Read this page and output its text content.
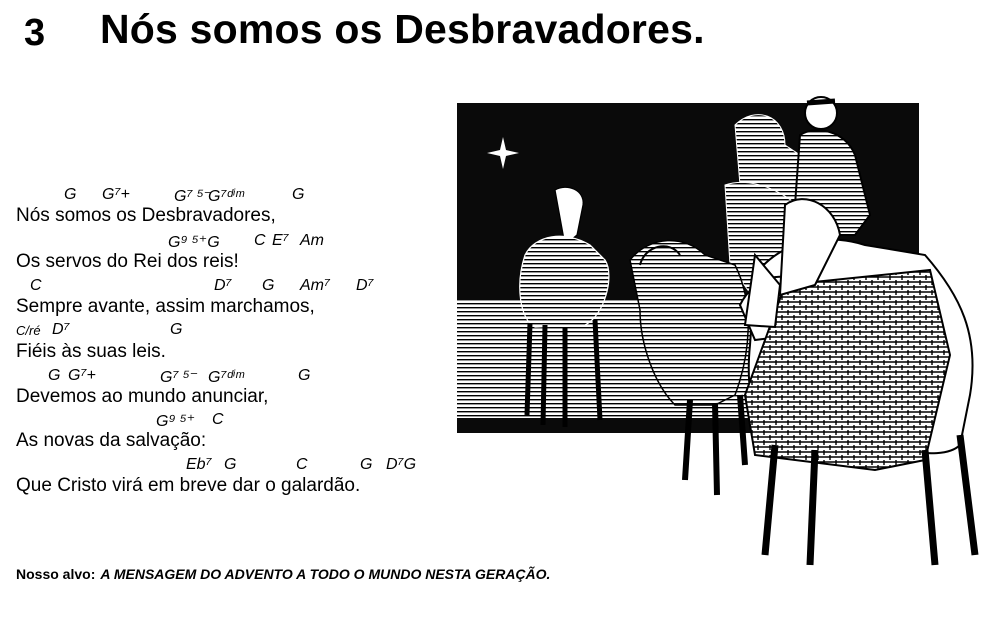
3 Nós somos os Desbravadores.
G G⁷+	G⁷ ⁵⁻
G⁷ᵈⁱᵐ	G
Nós somos os Desbravadores,
G⁹ ⁵⁺G C E⁷ Am
Os servos do Rei dos reis!
C	D⁷ G Am⁷ D⁷
Sempre avante, assim marchamos,
C/ré D⁷	G
Fiéis às suas leis.
G G⁷+	G⁷ ⁵⁻ G⁷ᵈⁱᵐ	G
Devemos ao mundo anunciar,
G⁹ ⁵⁺ C
As novas da salvação:
Eb⁷ G	C	G D⁷G
Que Cristo virá em breve dar o galardão.
Nosso alvo: A MENSAGEM DO ADVENTO A TODO O MUNDO NESTA GERAÇÃO.
